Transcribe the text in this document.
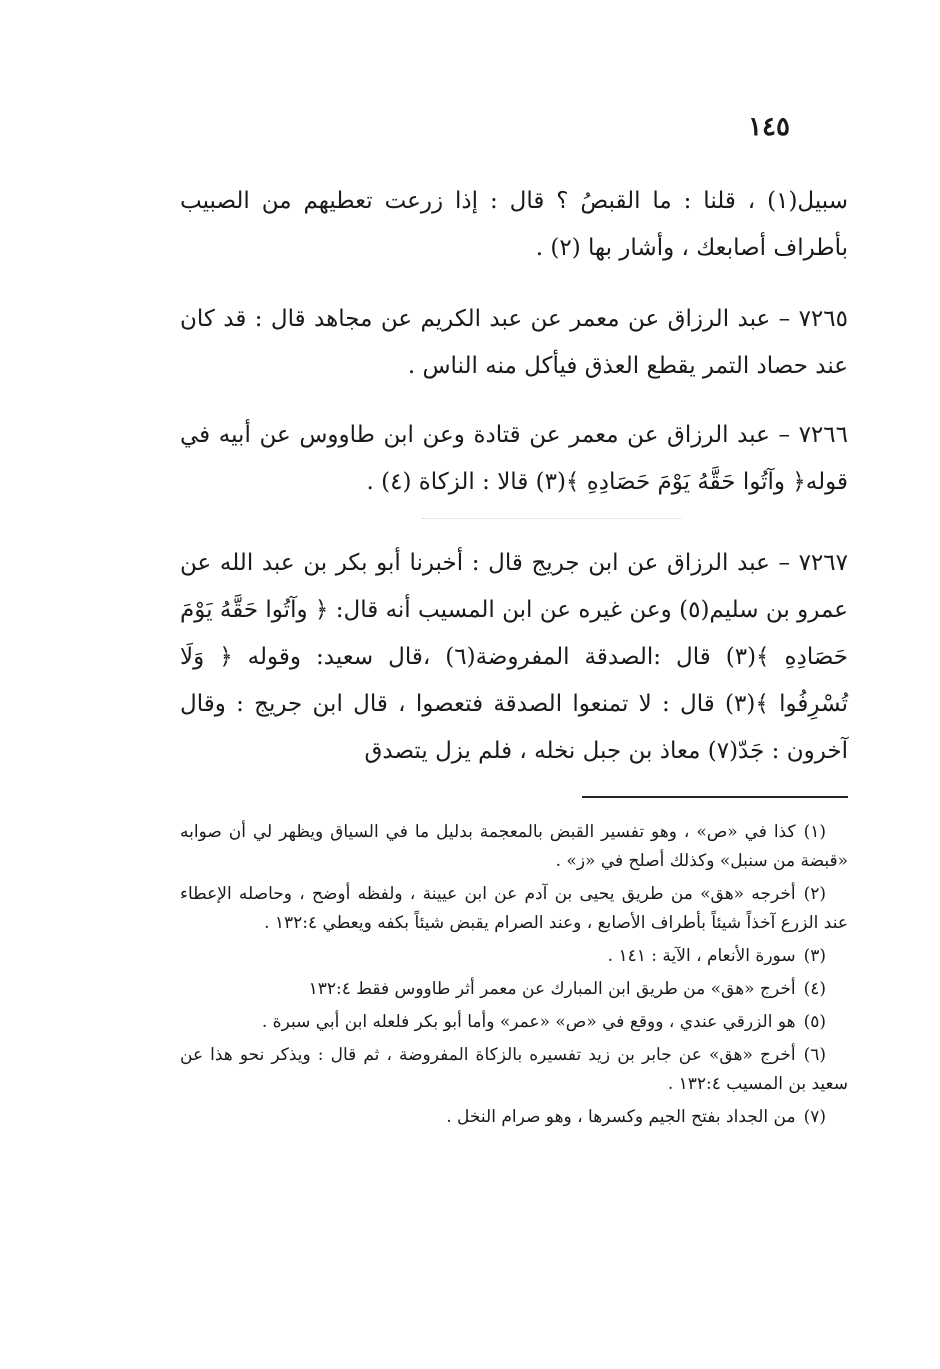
١٤٥

سبيل(١) ، قلنا : ما القبصُ ؟ قال : إذا زرعت تعطيهم من الصبيب بأطراف أصابعك ، وأشار بها (٢) .

٧٢٦٥ – عبد الرزاق عن معمر عن عبد الكريم عن مجاهد قال : قد كان عند حصاد التمر يقطع العذق فيأكل منه الناس .

٧٢٦٦ – عبد الرزاق عن معمر عن قتادة وعن ابن طاووس عن أبيه في قوله﴿ وآتُوا حَقَّهُ يَوْمَ حَصَادِهِ ﴾(٣) قالا : الزكاة (٤) .

٧٢٦٧ – عبد الرزاق عن ابن جريج قال : أخبرنا أبو بكر بن عبد الله عن عمرو بن سليم(٥) وعن غيره عن ابن المسيب أنه قال: ﴿ وآتُوا حَقَّهُ يَوْمَ حَصَادِهِ ﴾(٣) قال :الصدقة المفروضة(٦) ،قال سعيد: وقوله ﴿ وَلَا تُسْرِفُوا ﴾(٣) قال : لا تمنعوا الصدقة فتعصوا ، قال ابن جريج : وقال آخرون : جَدّ(٧) معاذ بن جبل نخله ، فلم يزل يتصدق

(١)كذا في «ص» ، وهو تفسير القبض بالمعجمة بدليل ما في السياق ويظهر لي أن صوابه «قبضة من سنبل» وكذلك أصلح في «ز» .

(٢)أخرجه «هق» من طريق يحيى بن آدم عن ابن عيينة ، ولفظه أوضح ، وحاصله الإعطاء عند الزرع آخذاً شيئاً بأطراف الأصابع ، وعند الصرام يقبض شيئاً بكفه ويعطي ١٣٢:٤ .

(٣)سورة الأنعام ، الآية : ١٤١ .

(٤)أخرج «هق» من طريق ابن المبارك عن معمر أثر طاووس فقط ١٣٢:٤

(٥)هو الزرقي عندي ، ووقع في «ص» «عمر» وأما أبو بكر فلعله ابن أبي سبرة .

(٦)أخرج «هق» عن جابر بن زيد تفسيره بالزكاة المفروضة ، ثم قال : ويذكر نحو هذا عن سعيد بن المسيب ١٣٢:٤ .

(٧)من الجداد بفتح الجيم وكسرها ، وهو صرام النخل .
